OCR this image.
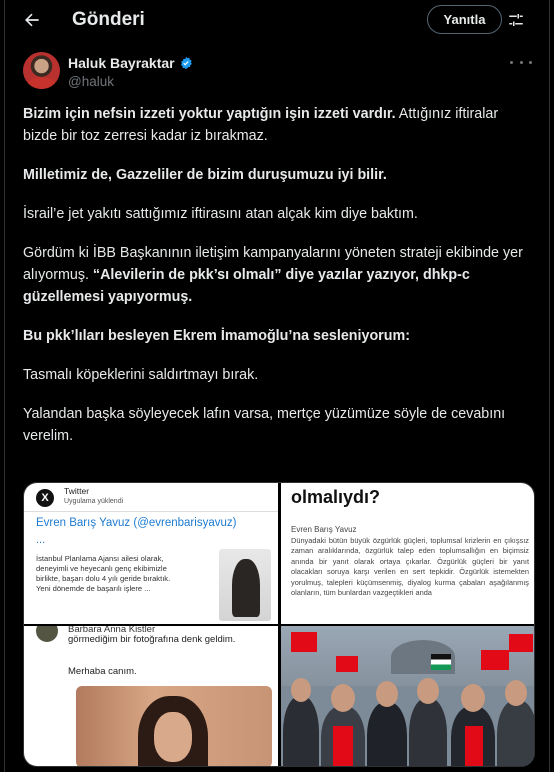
Gönderi	Yanıtla
Haluk Bayraktar
@haluk

Bizim için nefsin izzeti yoktur yaptığın işin izzeti vardır. Attığınız iftiralar bizde bir toz zerresi kadar iz bırakmaz.

Milletimiz de, Gazzeliler de bizim duruşumuzu iyi bilir.

İsrail’e jet yakıtı sattığımız iftirasını atan alçak kim diye baktım.

Gördüm ki İBB Başkanının iletişim kampanyalarını yöneten strateji ekibinde yer alıyormuş. “Alevilerin de pkk’sı olmalı” diye yazılar yazıyor, dhkp-c güzellemesi yapıyormuş.

Bu pkk’lıları besleyen Ekrem İmamoğlu’na sesleniyorum:

Tasmalı köpeklerini saldırtmayı bırak.

Yalandan başka söyleyecek lafın varsa, mertçe yüzümüze söyle de cevabını verelim.

X
Twitter
Uygulama yüklendi
Evren Barış Yavuz (@evrenbarisyavuz)
...
İstanbul Planlama Ajansı ailesi olarak, deneyimli ve heyecanlı genç ekibimizle birlikte, başarı dolu 4 yılı geride bıraktık. Yeni dönemde de başarılı işlere ...
olmalıydı?
Evren Barış Yavuz
Dünyadaki bütün büyük özgürlük güçleri, toplumsal krizlerin en çıkışsız zaman aralıklarında, özgürlük talep eden toplumsallığın en biçimsiz anında bir yanıt olarak ortaya çıkarlar. Özgürlük güçleri bir yanıt olacakları soruya karşı verilen en sert tepkidir. Özgürlük istemekten yorulmuş, talepleri küçümsenmiş, diyalog kurma çabaları aşağılanmış olanların, tüm bunlardan vazgeçtikleri anda
Barbara Anna Kistler
görmediğim bir fotoğrafına denk geldim.
Merhaba canım.
